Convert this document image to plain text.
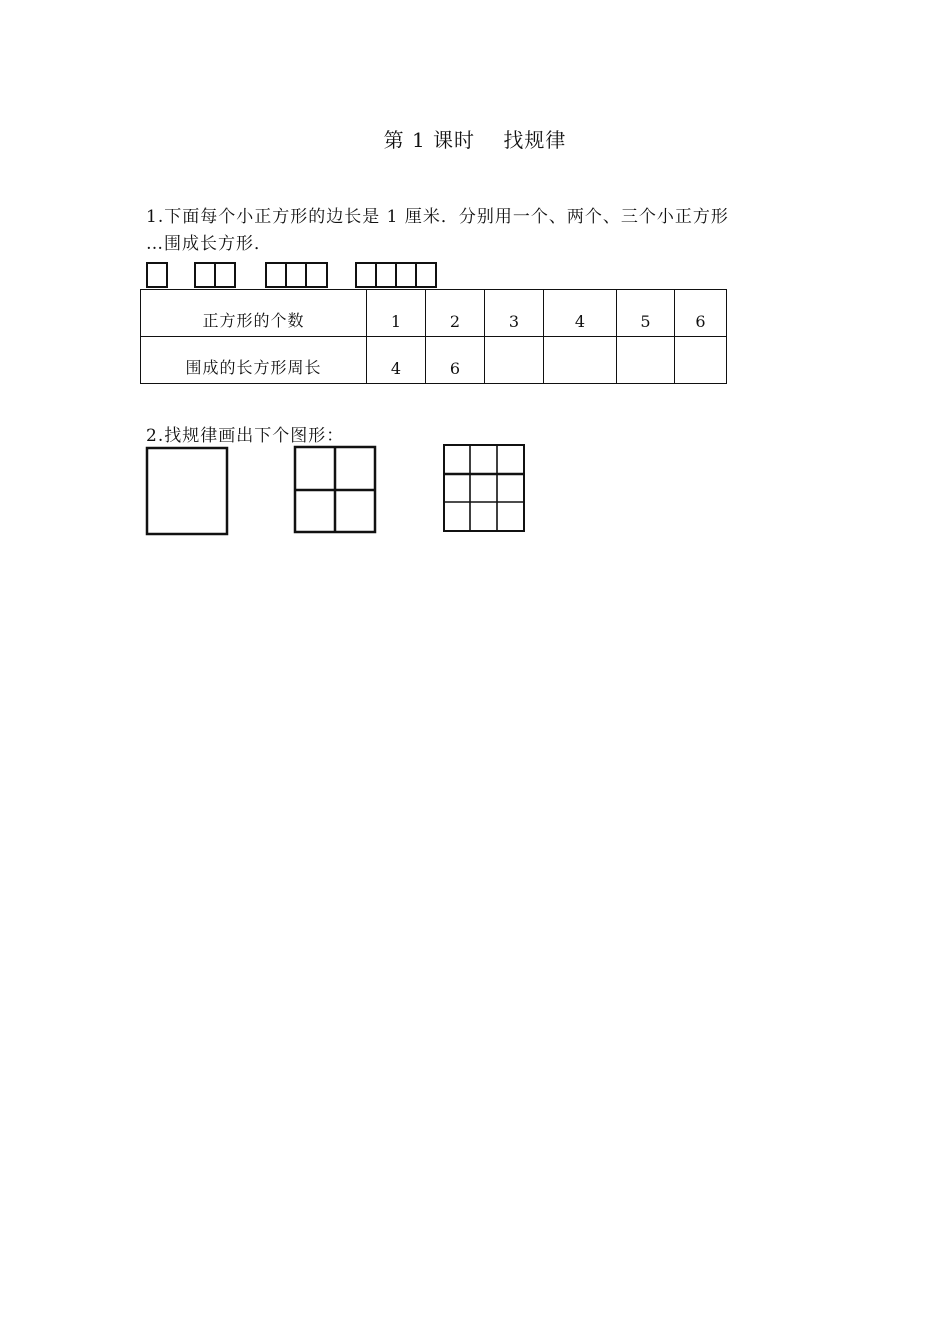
第 1 课时　 找规律
1.下面每个小正方形的边长是 1 厘米．分别用一个、两个、三个小正方形
…围成长方形．
正方形的个数	1	2	3	4	5	6
围成的长方形周长	4	6				
2.找规律画出下个图形：
